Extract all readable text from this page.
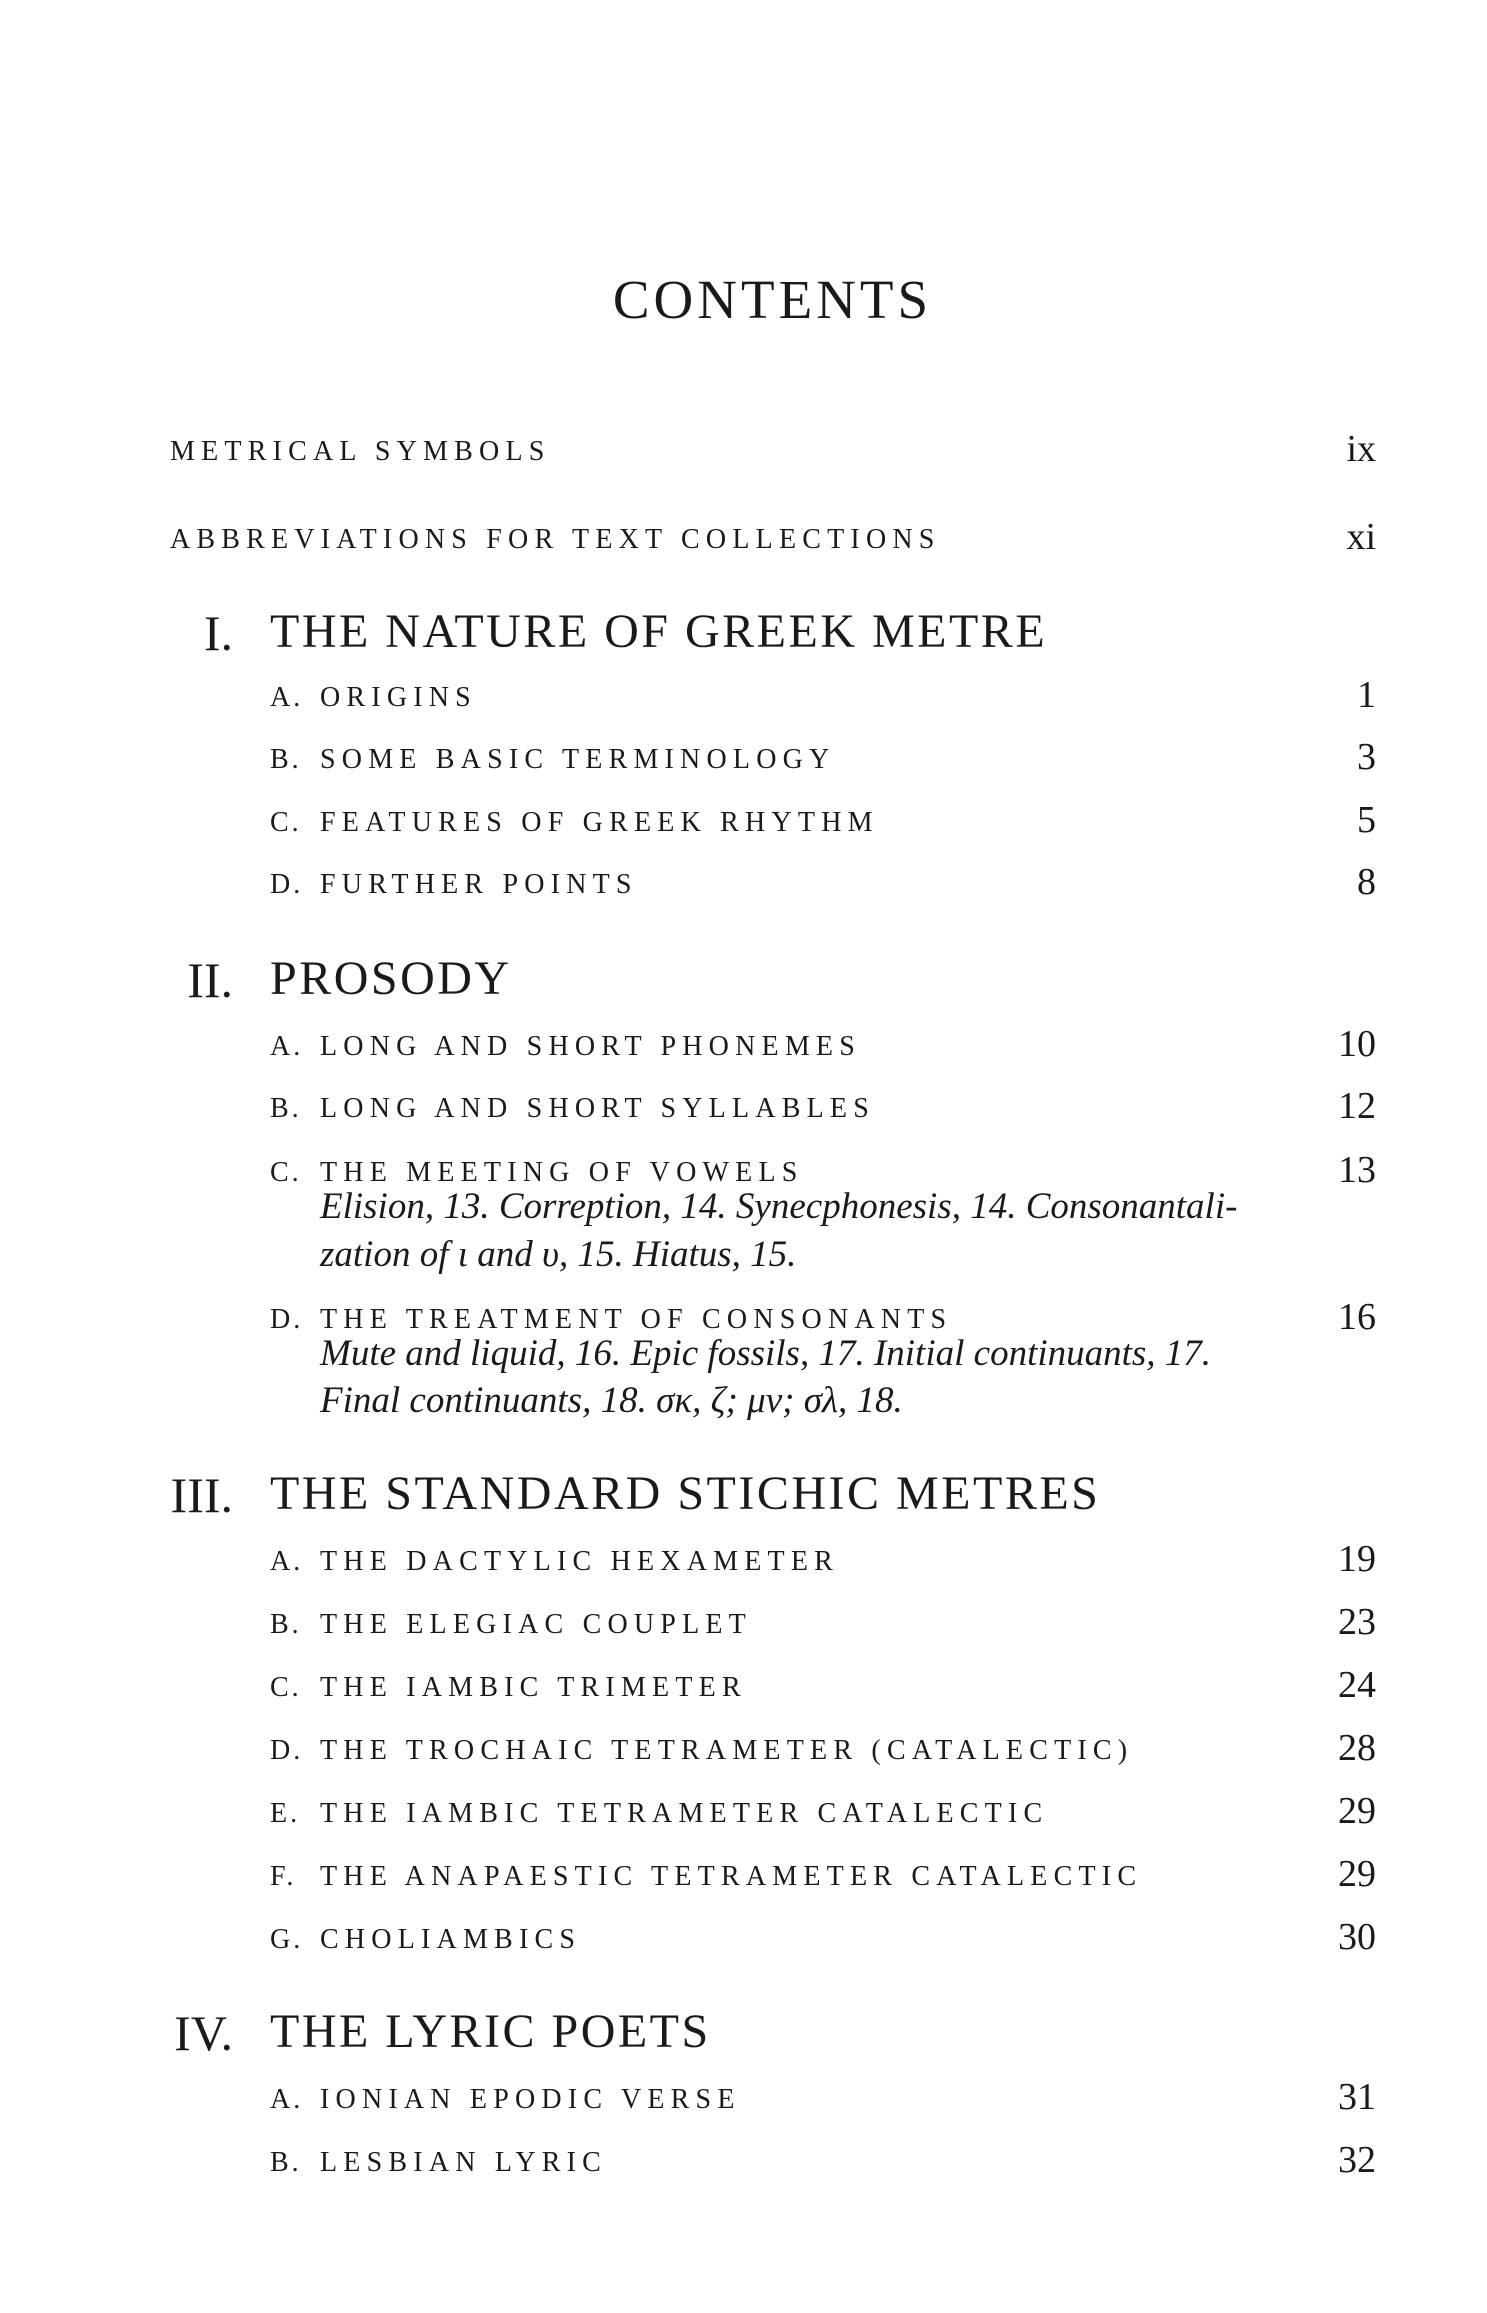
CONTENTS
METRICAL SYMBOLS	ix
ABBREVIATIONS FOR TEXT COLLECTIONS	xi
I. THE NATURE OF GREEK METRE
A. ORIGINS	1
B. SOME BASIC TERMINOLOGY	3
C. FEATURES OF GREEK RHYTHM	5
D. FURTHER POINTS	8
II. PROSODY
A. LONG AND SHORT PHONEMES	10
B. LONG AND SHORT SYLLABLES	12
C. THE MEETING OF VOWELS	13
Elision, 13. Correption, 14. Synecphonesis, 14. Consonantali-
zation of ι and υ, 15. Hiatus, 15.
D. THE TREATMENT OF CONSONANTS	16
Mute and liquid, 16. Epic fossils, 17. Initial continuants, 17.
Final continuants, 18. σκ, ζ; μν; σλ, 18.
III. THE STANDARD STICHIC METRES
A. THE DACTYLIC HEXAMETER	19
B. THE ELEGIAC COUPLET	23
C. THE IAMBIC TRIMETER	24
D. THE TROCHAIC TETRAMETER (CATALECTIC)	28
E. THE IAMBIC TETRAMETER CATALECTIC	29
F. THE ANAPAESTIC TETRAMETER CATALECTIC	29
G. CHOLIAMBICS	30
IV. THE LYRIC POETS
A. IONIAN EPODIC VERSE	31
B. LESBIAN LYRIC	32
